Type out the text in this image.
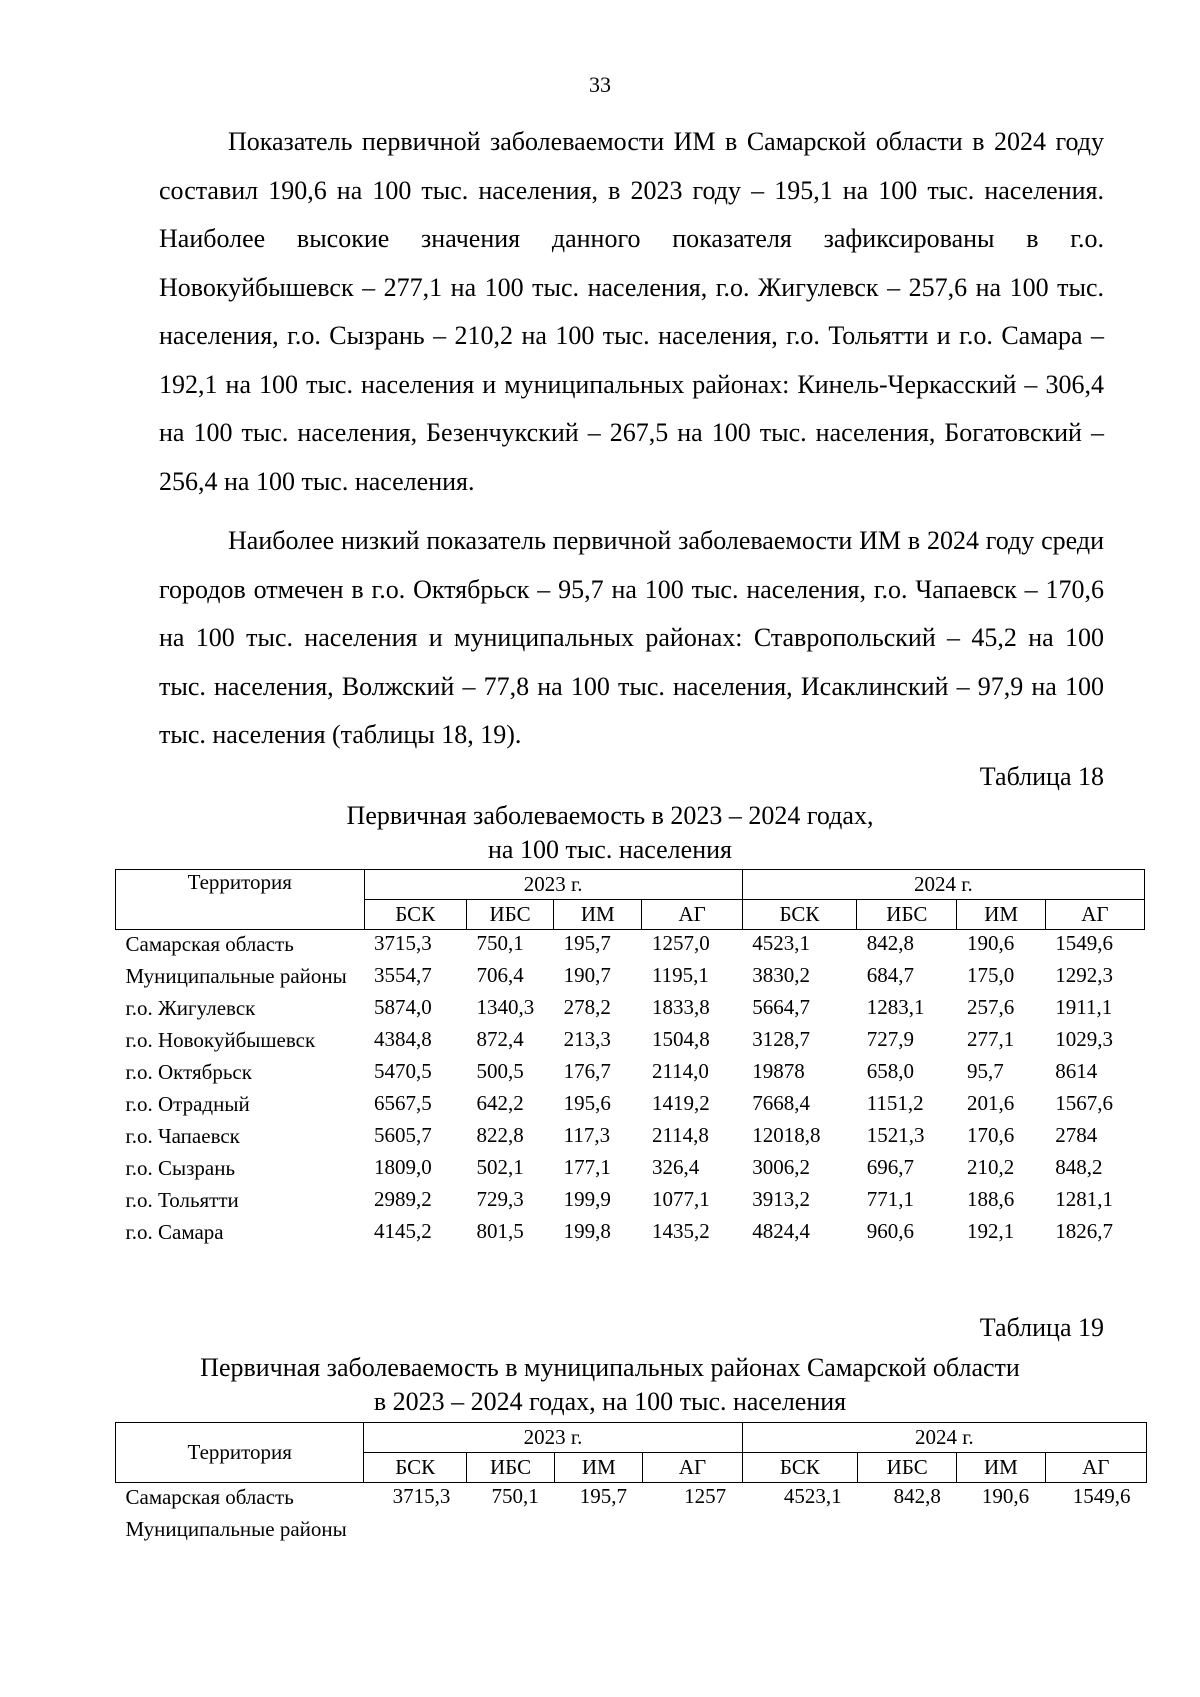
33

Показатель первичной заболеваемости ИМ в Самарской области в 2024 году составил 190,6 на 100 тыс. населения, в 2023 году – 195,1 на 100 тыс. населения. Наиболее высокие значения данного показателя зафиксированы в г.о. Новокуйбышевск – 277,1 на 100 тыс. населения, г.о. Жигулевск – 257,6 на 100 тыс. населения, г.о. Сызрань – 210,2 на 100 тыс. населения, г.о. Тольятти и г.о. Самара – 192,1 на 100 тыс. населения и муниципальных районах: Кинель-Черкасский – 306,4 на 100 тыс. населения, Безенчукский – 267,5 на 100 тыс. населения, Богатовский – 256,4 на 100 тыс. населения.

Наиболее низкий показатель первичной заболеваемости ИМ в 2024 году среди городов отмечен в г.о. Октябрьск – 95,7 на 100 тыс. населения, г.о. Чапаевск – 170,6 на 100 тыс. населения и муниципальных районах: Ставропольский – 45,2 на 100 тыс. населения, Волжский – 77,8 на 100 тыс. населения, Исаклинский – 97,9 на 100 тыс. населения (таблицы 18, 19).

Таблица 18
Первичная заболеваемость в 2023 – 2024 годах,
на 100 тыс. населения
Территория	2023 г.				2024 г.			
	БСК	ИБС	ИМ	АГ	БСК	ИБС	ИМ	АГ
Самарская область	3715,3	750,1	195,7	1257,0	4523,1	842,8	190,6	1549,6
Муниципальные районы	3554,7	706,4	190,7	1195,1	3830,2	684,7	175,0	1292,3
г.о. Жигулевск	5874,0	1340,3	278,2	1833,8	5664,7	1283,1	257,6	1911,1
г.о. Новокуйбышевск	4384,8	872,4	213,3	1504,8	3128,7	727,9	277,1	1029,3
г.о. Октябрьск	5470,5	500,5	176,7	2114,0	19878	658,0	95,7	8614
г.о. Отрадный	6567,5	642,2	195,6	1419,2	7668,4	1151,2	201,6	1567,6
г.о. Чапаевск	5605,7	822,8	117,3	2114,8	12018,8	1521,3	170,6	2784
г.о. Сызрань	1809,0	502,1	177,1	326,4	3006,2	696,7	210,2	848,2
г.о. Тольятти	2989,2	729,3	199,9	1077,1	3913,2	771,1	188,6	1281,1
г.о. Самара	4145,2	801,5	199,8	1435,2	4824,4	960,6	192,1	1826,7
Таблица 19
Первичная заболеваемость в муниципальных районах Самарской области
в 2023 – 2024 годах, на 100 тыс. населения
Территория	2023 г.				2024 г.			
	БСК	ИБС	ИМ	АГ	БСК	ИБС	ИМ	АГ
Самарская область	3715,3	750,1	195,7	1257	4523,1	842,8	190,6	1549,6
Муниципальные районы								
